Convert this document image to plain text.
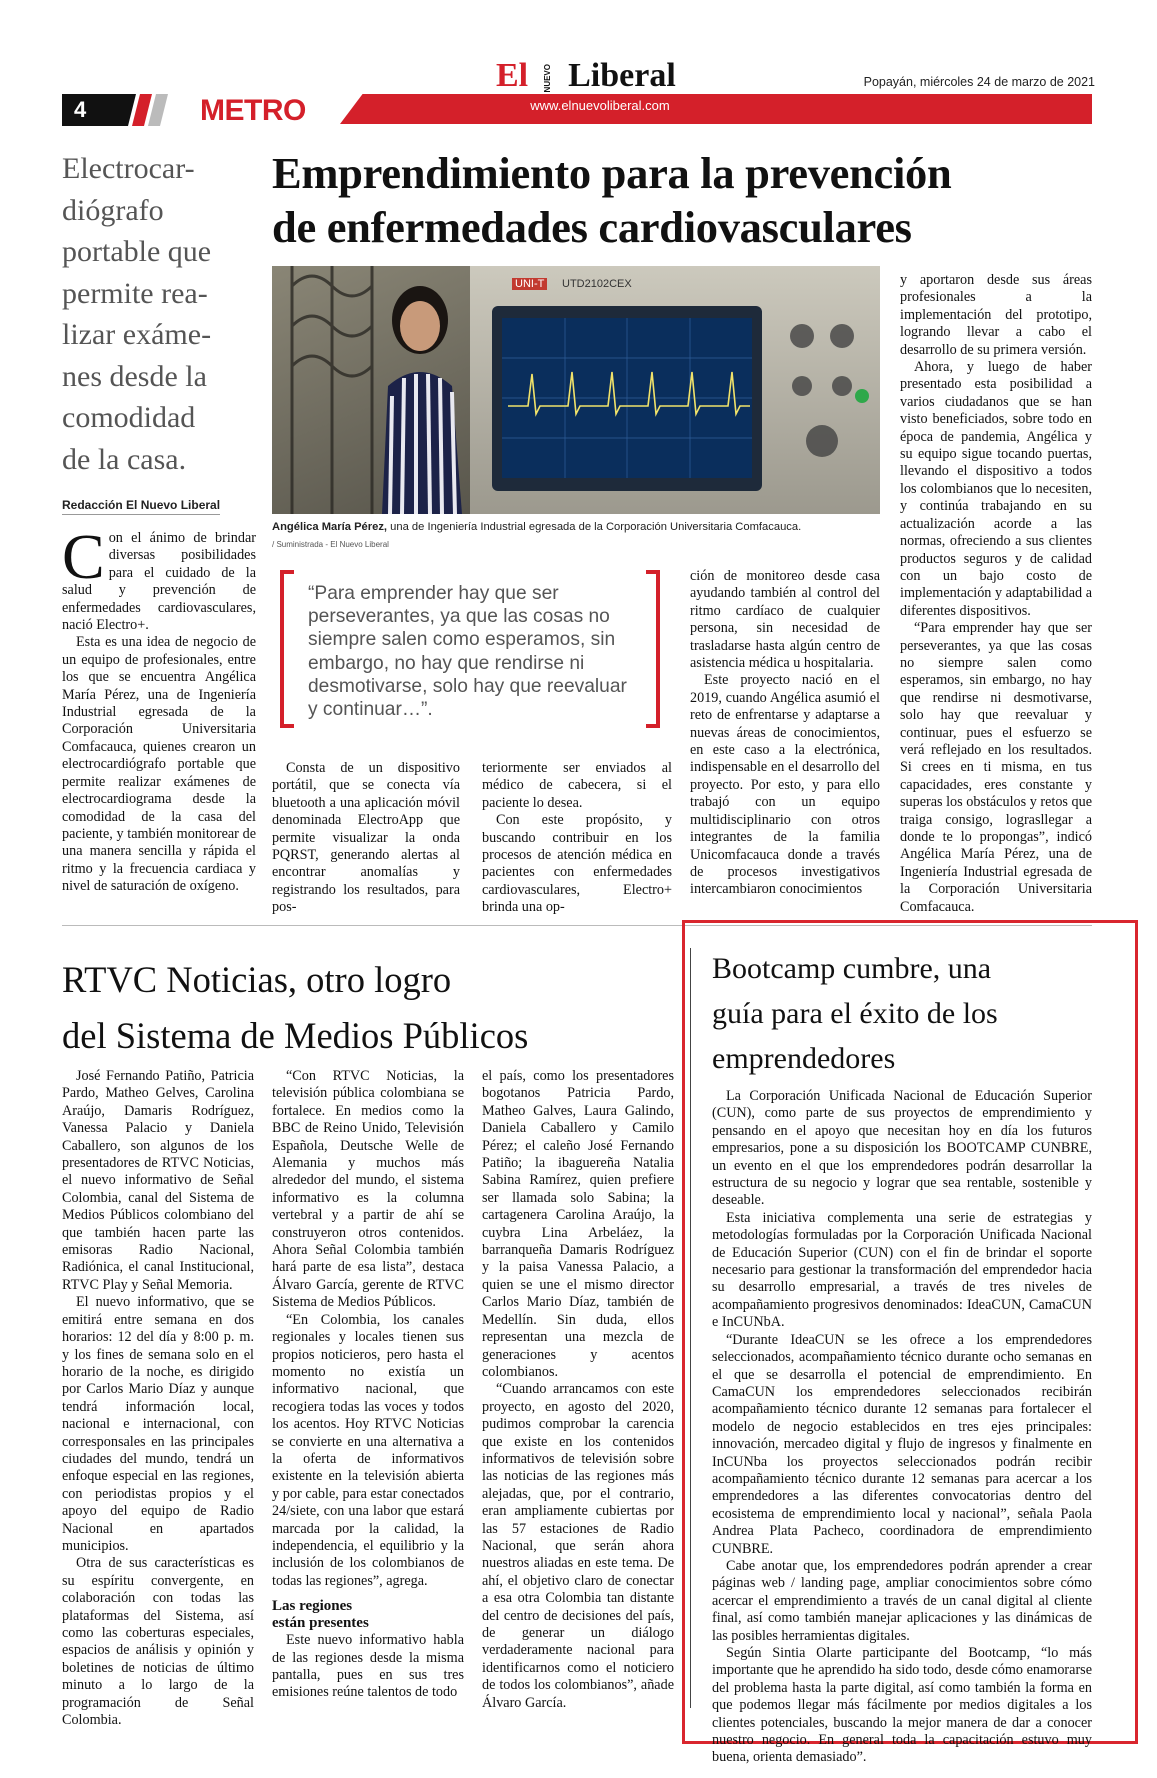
4	METRO
El NUEVO Liberal
www.elnuevoliberal.com
Popayán, miércoles 24 de marzo de 2021
Electrocar-
diógrafo
portable que
permite rea-
lizar exáme-
nes desde la
comodidad
de la casa.
Redacción El Nuevo Liberal
Emprendimiento para la prevención
de enfermedades cardiovasculares
UNI-T UTD2102CEX
Angélica María Pérez, una de Ingeniería Industrial egresada de la Corporación Universitaria Comfacauca.
/ Suministrada - El Nuevo Liberal
“Para emprender hay que ser perseverantes, ya que las cosas no siempre salen como esperamos, sin embargo, no hay que rendirse ni desmotivarse, solo hay que reevaluar y continuar…”.
C on el ánimo de brindar diversas posibilidades para el cuidado de la salud y prevención de enfermedades cardiovasculares, nació Electro+.

Esta es una idea de negocio de un equipo de profesionales, entre los que se encuentra Angélica María Pérez, una de Ingeniería Industrial egresada de la Corporación Universitaria Comfacauca, quienes crearon un electrocardiógrafo portable que permite realizar exámenes de electrocardiograma desde la comodidad de la casa del paciente, y también monitorear de una manera sencilla y rápida el ritmo y la frecuencia cardiaca y nivel de saturación de oxígeno.

Consta de un dispositivo portátil, que se conecta vía bluetooth a una aplicación móvil denominada ElectroApp que permite visualizar la onda PQRST, generando alertas al encontrar anomalías y registrando los resultados, para pos-

teriormente ser enviados al médico de cabecera, si el paciente lo desea.

Con este propósito, y buscando contribuir en los procesos de atención médica en pacientes con enfermedades cardiovasculares, Electro+ brinda una op-

ción de monitoreo desde casa ayudando también al control del ritmo cardíaco de cualquier persona, sin necesidad de trasladarse hasta algún centro de asistencia médica u hospitalaria.

Este proyecto nació en el 2019, cuando Angélica asumió el reto de enfrentarse y adaptarse a nuevas áreas de conocimientos, en este caso a la electrónica, indispensable en el desarrollo del proyecto. Por esto, y para ello trabajó con un equipo multidisciplinario con otros integrantes de la familia Unicomfacauca donde a través de procesos investigativos intercambiaron conocimientos

y aportaron desde sus áreas profesionales a la implementación del prototipo, logrando llevar a cabo el desarrollo de su primera versión.

Ahora, y luego de haber presentado esta posibilidad a varios ciudadanos que se han visto beneficiados, sobre todo en época de pandemia, Angélica y su equipo sigue tocando puertas, llevando el dispositivo a todos los colombianos que lo necesiten, y continúa trabajando en su actualización acorde a las normas, ofreciendo a sus clientes productos seguros y de calidad con un bajo costo de implementación y adaptabilidad a diferentes dispositivos.

“Para emprender hay que ser perseverantes, ya que las cosas no siempre salen como esperamos, sin embargo, no hay que rendirse ni desmotivarse, solo hay que reevaluar y continuar, pues el esfuerzo se verá reflejado en los resultados. Si crees en ti misma, en tus capacidades, eres constante y superas los obstáculos y retos que traiga consigo, lograsllegar a donde te lo propongas”, indicó Angélica María Pérez, una de Ingeniería Industrial egresada de la Corporación Universitaria Comfacauca.

RTVC Noticias, otro logro
del Sistema de Medios Públicos

José Fernando Patiño, Patricia Pardo, Matheo Gelves, Carolina Araújo, Damaris Rodríguez, Vanessa Palacio y Daniela Caballero, son algunos de los presentadores de RTVC Noticias, el nuevo informativo de Señal Colombia, canal del Sistema de Medios Públicos colombiano del que también hacen parte las emisoras Radio Nacional, Radiónica, el canal Institucional, RTVC Play y Señal Memoria.

El nuevo informativo, que se emitirá entre semana en dos horarios: 12 del día y 8:00 p. m. y los fines de semana solo en el horario de la noche, es dirigido por Carlos Mario Díaz y aunque tendrá información local, nacional e internacional, con corresponsales en las principales ciudades del mundo, tendrá un enfoque especial en las regiones, con periodistas propios y el apoyo del equipo de Radio Nacional en apartados municipios.

Otra de sus características es su espíritu convergente, en colaboración con todas las plataformas del Sistema, así como las coberturas especiales, espacios de análisis y opinión y boletines de noticias de último minuto a lo largo de la programación de Señal Colombia.

“Con RTVC Noticias, la televisión pública colombiana se fortalece. En medios como la BBC de Reino Unido, Televisión Española, Deutsche Welle de Alemania y muchos más alrededor del mundo, el sistema informativo es la columna vertebral y a partir de ahí se construyeron otros contenidos. Ahora Señal Colombia también hará parte de esa lista”, destaca Álvaro García, gerente de RTVC Sistema de Medios Públicos.

“En Colombia, los canales regionales y locales tienen sus propios noticieros, pero hasta el momento no existía un informativo nacional, que recogiera todas las voces y todos los acentos. Hoy RTVC Noticias se convierte en una alternativa a la oferta de informativos existente en la televisión abierta y por cable, para estar conectados 24/siete, con una labor que estará marcada por la calidad, la independencia, el equilibrio y la inclusión de los colombianos de todas las regiones”, agrega.

Las regiones
están presentes

Este nuevo informativo habla de las regiones desde la misma pantalla, pues en sus tres emisiones reúne talentos de todo

el país, como los presentadores bogotanos Patricia Pardo, Matheo Galves, Laura Galindo, Daniela Caballero y Camilo Pérez; el caleño José Fernando Patiño; la ibaguereña Natalia Sabina Ramírez, quien prefiere ser llamada solo Sabina; la cartagenera Carolina Araújo, la cuybra Lina Arbeláez, la barranqueña Damaris Rodríguez y la paisa Vanessa Palacio, a quien se une el mismo director Carlos Mario Díaz, también de Medellín. Sin duda, ellos representan una mezcla de generaciones y acentos colombianos.

“Cuando arrancamos con este proyecto, en agosto del 2020, pudimos comprobar la carencia que existe en los contenidos informativos de televisión sobre las noticias de las regiones más alejadas, que, por el contrario, eran ampliamente cubiertas por las 57 estaciones de Radio Nacional, que serán ahora nuestros aliadas en este tema. De ahí, el objetivo claro de conectar a esa otra Colombia tan distante del centro de decisiones del país, de generar un diálogo verdaderamente nacional para identificarnos como el noticiero de todos los colombianos”, añade Álvaro García.

Bootcamp cumbre, una
guía para el éxito de los
emprendedores

La Corporación Unificada Nacional de Educación Superior (CUN), como parte de sus proyectos de emprendimiento y pensando en el apoyo que necesitan hoy en día los futuros empresarios, pone a su disposición los BOOTCAMP CUNBRE, un evento en el que los emprendedores podrán desarrollar la estructura de su negocio y lograr que sea rentable, sostenible y deseable.

Esta iniciativa complementa una serie de estrategias y metodologías formuladas por la Corporación Unificada Nacional de Educación Superior (CUN) con el fin de brindar el soporte necesario para gestionar la transformación del emprendedor hacia su desarrollo empresarial, a través de tres niveles de acompañamiento progresivos denominados: IdeaCUN, CamaCUN e InCUNbA.

“Durante IdeaCUN se les ofrece a los emprendedores seleccionados, acompañamiento técnico durante ocho semanas en el que se desarrolla el potencial de emprendimiento. En CamaCUN los emprendedores seleccionados recibirán acompañamiento técnico durante 12 semanas para fortalecer el modelo de negocio establecidos en tres ejes principales: innovación, mercadeo digital y flujo de ingresos y finalmente en InCUNba los proyectos seleccionados podrán recibir acompañamiento técnico durante 12 semanas para acercar a los emprendedores a las diferentes convocatorias dentro del ecosistema de emprendimiento local y nacional”, señala Paola Andrea Plata Pacheco, coordinadora de emprendimiento CUNBRE.

Cabe anotar que, los emprendedores podrán aprender a crear páginas web / landing page, ampliar conocimientos sobre cómo acercar el emprendimiento a través de un canal digital al cliente final, así como también manejar aplicaciones y las dinámicas de las posibles herramientas digitales.

Según Sintia Olarte participante del Bootcamp, “lo más importante que he aprendido ha sido todo, desde cómo enamorarse del problema hasta la parte digital, así como también la forma en que podemos llegar más fácilmente por medios digitales a los clientes potenciales, buscando la mejor manera de dar a conocer nuestro negocio. En general toda la capacitación estuvo muy buena, orienta demasiado”.
